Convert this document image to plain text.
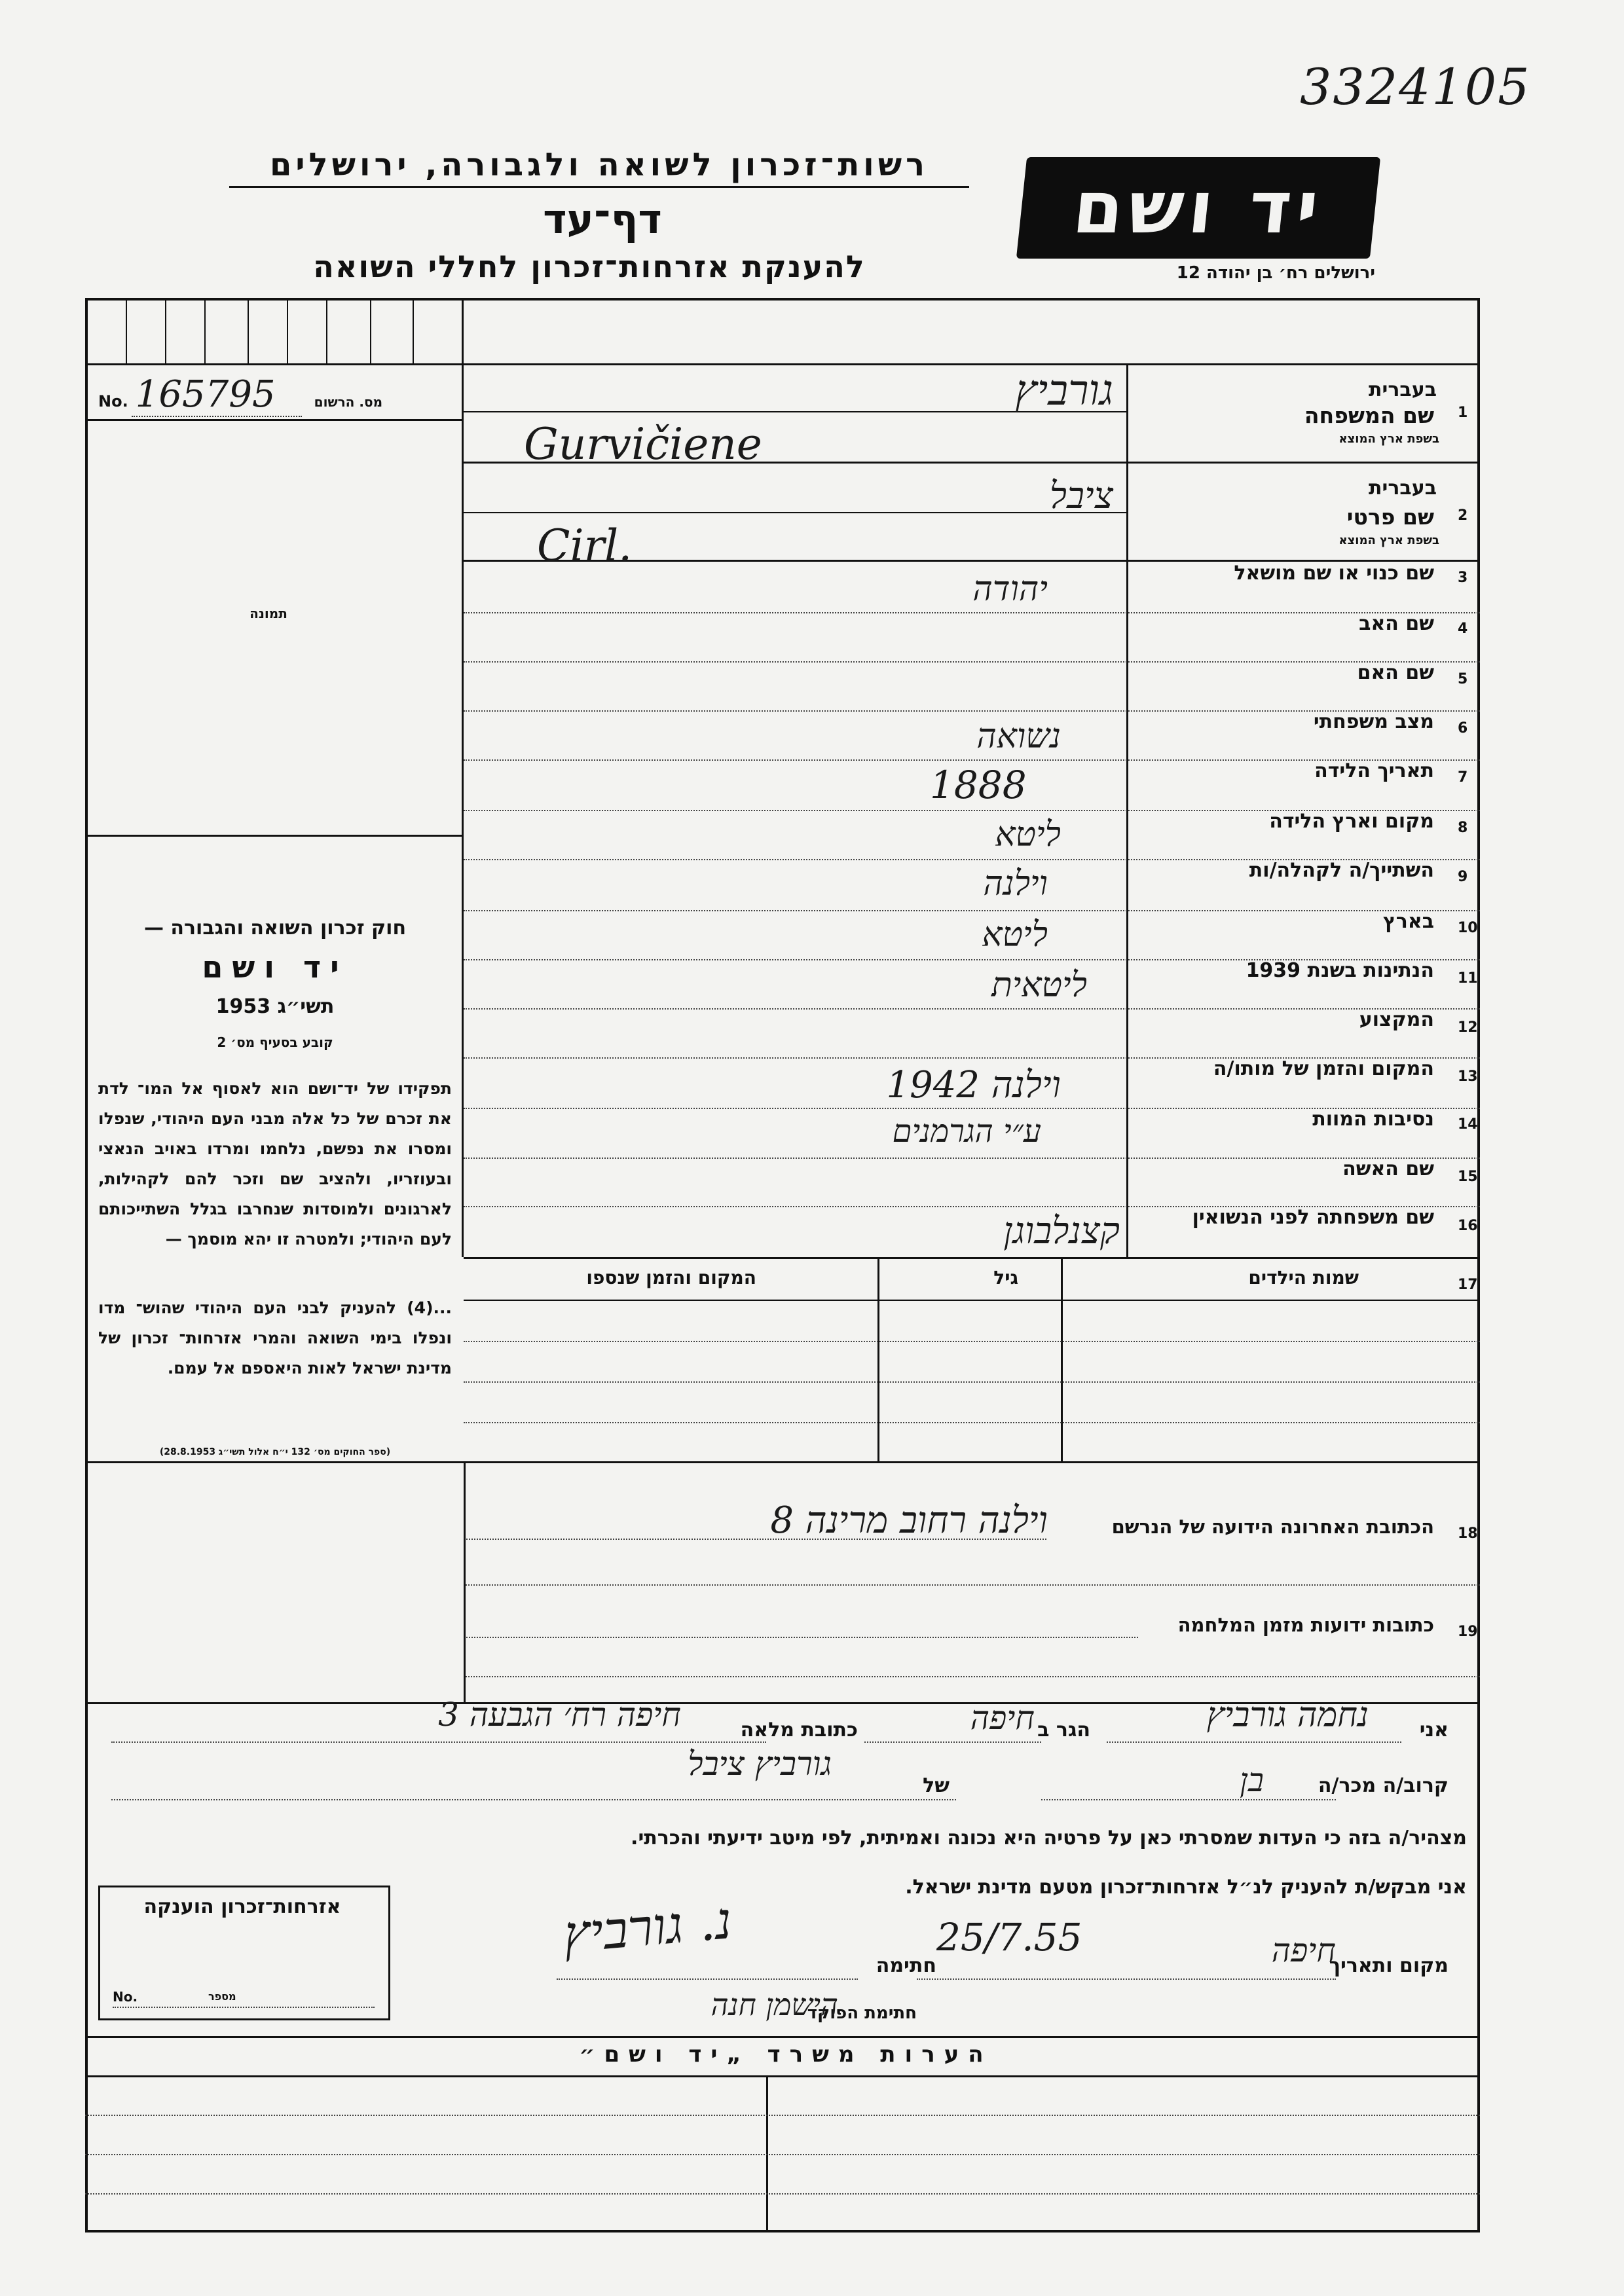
3324105
רשות־זכרון לשואה ולגבורה, ירושלים
דף־עד
להענקת אזרחות־זכרון לחללי השואה
יד ושם
ירושלים רח׳ בן יהודה 12
No. 165795	מס. הרשום
תמונה
חוק זכרון השואה והגבורה —
יד ושם
תשי״ג 1953
קובע בסעיף מס׳ 2
תפקידו של יד־ושם הוא לאסוף אל המו־ לדת את זכרם של כל אלה מבני העם היהודי, שנפלו ומסרו את נפשם, נלחמו ומרדו באויב הנאצי ובעוזריו, ולהציב שם וזכר להם לקהילות, לארגונים ולמוסדות שנחרבו בגלל השתייכותם לעם היהודי; ולמטרה זו יהא מוסמך —
...(4) להעניק לבני העם היהודי שהוש־ מדו ונפלו בימי השואה והמרי אזרחות־ זכרון של מדינת ישראל לאות היאספם אל עמם.
(ספר החוקים מס׳ 132 י״ח אלול תשי״ג 28.8.1953)
1
בעברית
שם המשפחה
בשפת ארץ המוצא
2
בעברית
שם פרטי
בשפת ארץ המוצא
3
שם כנוי או שם מושאל
4
שם האב
5
שם האם
6
מצב משפחתי
7
תאריך הלידה
8
מקום וארץ הלידה
9
השתייך/ה לקהלה/ות
10
בארץ
11
הנתינות בשנת 1939
12
המקצוע
13
המקום והזמן של מותו/ה
14
נסיבות המוות
15
שם האשה
16
שם משפחתה לפני הנשואין
גורביץ
Gurvičiene
ציבל
Cirl.
יהודה
נשואה
1888
ליטא
וילנה
ליטא
ליטאית
וילנה 1942
ע״י הגרמנים
קצנלבוגן
17
שמות הילדים
גיל
המקום והזמן שנספו
18
הכתובת האחרונה הידועה של הנרשם
וילנה רחוב מרינה 8
19
כתובות ידועות מזמן המלחמה
אני
נחמה גורביץ
הגר ב
חיפה
כתובת מלאה
חיפה רח׳ הגבעה 3
קרוב/ה מכר/ה
בן
של
גורביץ ציבל
מצהיר/ה בזה כי העדות שמסרתי כאן על פרטיה היא נכונה ואמיתית, לפי מיטב ידיעתי והכרתי.
אני מבקש/ת להעניק לנ״ל אזרחות־זכרון מטעם מדינת ישראל.
מקום ותאריך
חיפה
25/7.55
חתימה
נ. גורביץ
חתימת הפוקד
הישמן חנה
אזרחות־זכרון הוענקה
No.	מספר
הערות משרד „יד ושם״
